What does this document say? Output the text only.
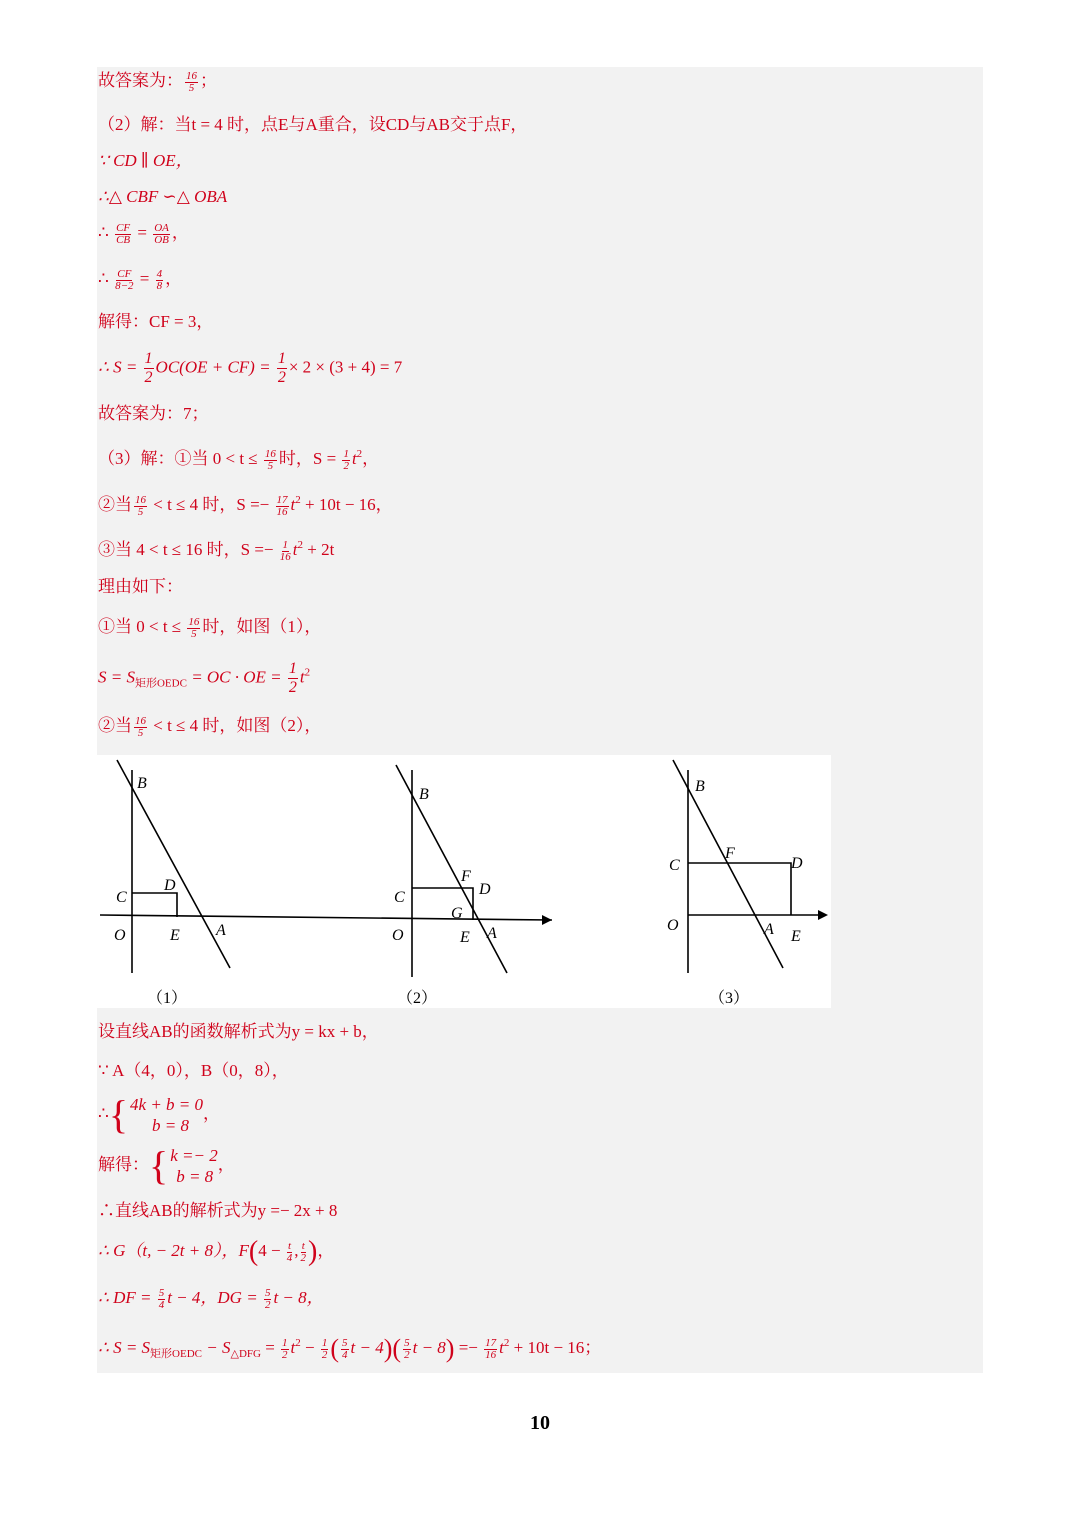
故答案为： $\frac{16}{5}$ ；
（2）解：当t = 4 时，点E与A重合，设CD与AB交于点F，
∵ CD ∥ OE，
∴△ CBF ∽△ OBA
∴ $\frac{CF}{CB} = \frac{OA}{OB}$ ，
∴ $\frac{CF}{8-2} = \frac{4}{8}$ ，
解得：CF = 3，
∴ $S = \frac{1}{2} OC(OE + CF) = \frac{1}{2} \times 2 \times (3 + 4) = 7$
故答案为：7；
（3）解：①当 $0 < t \le \frac{16}{5}$ 时，$S = \frac{1}{2} t^2$，
②当 $\frac{16}{5} < t \le 4$ 时，$S =- \frac{17}{16} t^2 + 10t - 16$，
③当 4 < t ≤ 16 时，$S =- \frac{1}{16} t^2 + 2t$
理由如下：
①当 $0 < t \le \frac{16}{5}$ 时，如图（1），
$S = S_{矩形OEDC}$ = OC · OE = $\frac{1}{2} t^2$
②当 $\frac{16}{5} < t \le 4$ 时，如图（2），
B
C
D
O	E A
B
C
F
D
G
O	E A
B
C
F
D
O	A E
（1）	（2）	（3）
设直线AB的函数解析式为y = kx + b，
∵ A（4，0），B（0，8），
∴{ 4k + b = 0
b = 8
，
解得：{ k =− 2
b = 8
，
∴直线AB的解析式为y =− 2x + 8
∴ G（t, − 2t + 8），$F(4 - \frac{t}{4}$ , $\frac{t}{2}$ )，
∴ DF = $\frac{5}{4}$ t − 4，DG = $\frac{5}{2}$ t − 8，
∴ $S = S_{矩形OEDC} - S_{\triangle DFG} = \frac{1}{2} t^2 - \frac{1}{2}$ ( $\frac{5}{4}$ $t - 4)( \frac{5}{2}$ $t - 8) =- \frac{17}{16} t^2 + 10t - 16$；
10
